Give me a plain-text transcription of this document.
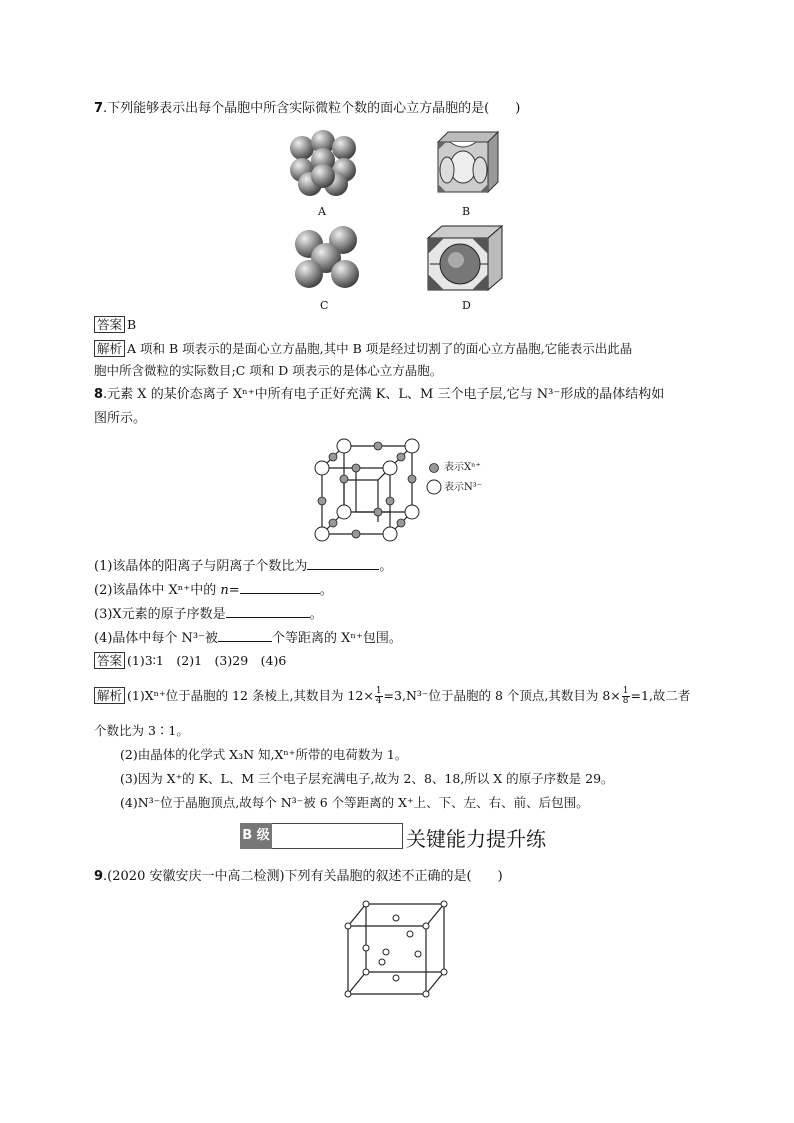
7.下列能够表示出每个晶胞中所含实际微粒个数的面心立方晶胞的是(　　)
A	B
C	D
答案 B
解析 A 项和 B 项表示的是面心立方晶胞,其中 B 项是经过切割了的面心立方晶胞,它能表示出此晶
胞中所含微粒的实际数目;C 项和 D 项表示的是体心立方晶胞。
8.元素 X 的某价态离子 Xⁿ⁺中所有电子正好充满 K、L、M 三个电子层,它与 N³⁻形成的晶体结构如
图所示。
表示Xⁿ⁺
表示N³⁻
(1)该晶体的阳离子与阴离子个数比为	。
(2)该晶体中 Xⁿ⁺中的 n=	。
(3)X元素的原子序数是	。
(4)晶体中每个 N³⁻被	个等距离的 Xⁿ⁺包围。
答案 (1)3∶1　(2)1　(3)29　(4)6
解析 (1)Xⁿ⁺位于晶胞的 12 条棱上,其数目为 $12\times \frac{1}{4} =3,N^{3-}$位于晶胞的 8 个顶点,其数目为 $8\times \frac{1}{8} =1$,故二者
个数比为 3∶1。
(2)由晶体的化学式 X₃N 知,Xⁿ⁺所带的电荷数为 1。
(3)因为 X⁺的 K、L、M 三个电子层充满电子,故为 2、8、18,所以 X 的原子序数是 29。
(4)N³⁻位于晶胞顶点,故每个 N³⁻被 6 个等距离的 X⁺上、下、左、右、前、后包围。
B 级	关键能力提升练
9.(2020 安徽安庆一中高二检测)下列有关晶胞的叙述不正确的是(　　)
